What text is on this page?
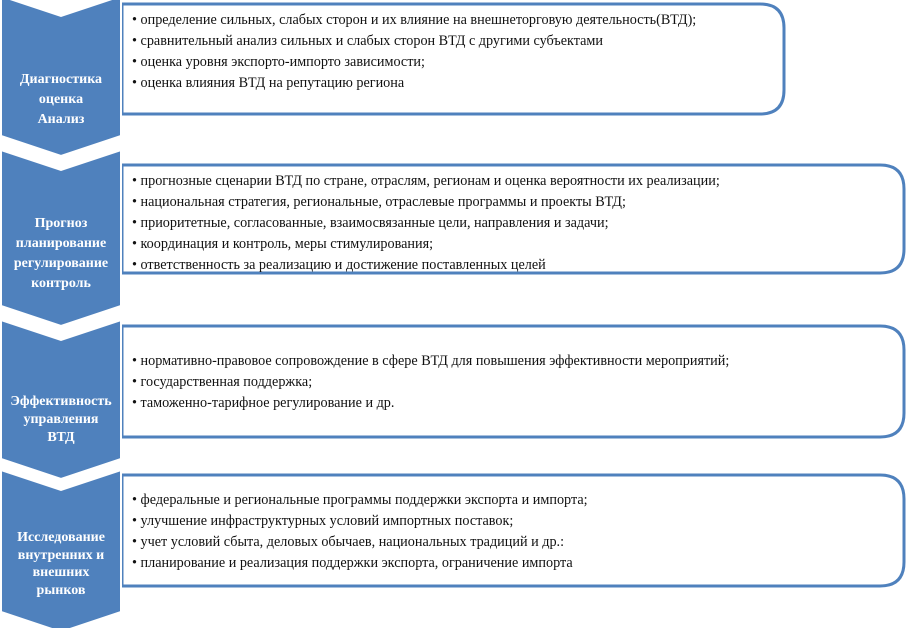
Диагностика
оценка
Анализ
• определение сильных, слабых сторон и их влияние на внешнеторговую деятельность(ВТД);
• сравнительный анализ сильных и слабых сторон ВТД с другими субъектами
• оценка уровня экспорто-импорто зависимости;
• оценка влияния ВТД на репутацию региона
Прогноз
планирование
регулирование
контроль
• прогнозные сценарии ВТД по стране, отраслям, регионам и оценка вероятности их реализации;
• национальная стратегия, региональные, отраслевые программы и проекты ВТД;
• приоритетные, согласованные, взаимосвязанные цели, направления и задачи;
• координация и контроль, меры стимулирования;
• ответственность за реализацию и достижение поставленных целей
Эффективность
управления
ВТД
• нормативно-правовое сопровождение в сфере ВТД для повышения эффективности мероприятий;
• государственная поддержка;
• таможенно-тарифное регулирование и др.
Исследование
внутренних и
внешних
рынков
• федеральные и региональные программы поддержки экспорта и импорта;
• улучшение инфраструктурных условий импортных поставок;
• учет условий сбыта, деловых обычаев, национальных традиций и др.:
• планирование и реализация поддержки экспорта, ограничение импорта
